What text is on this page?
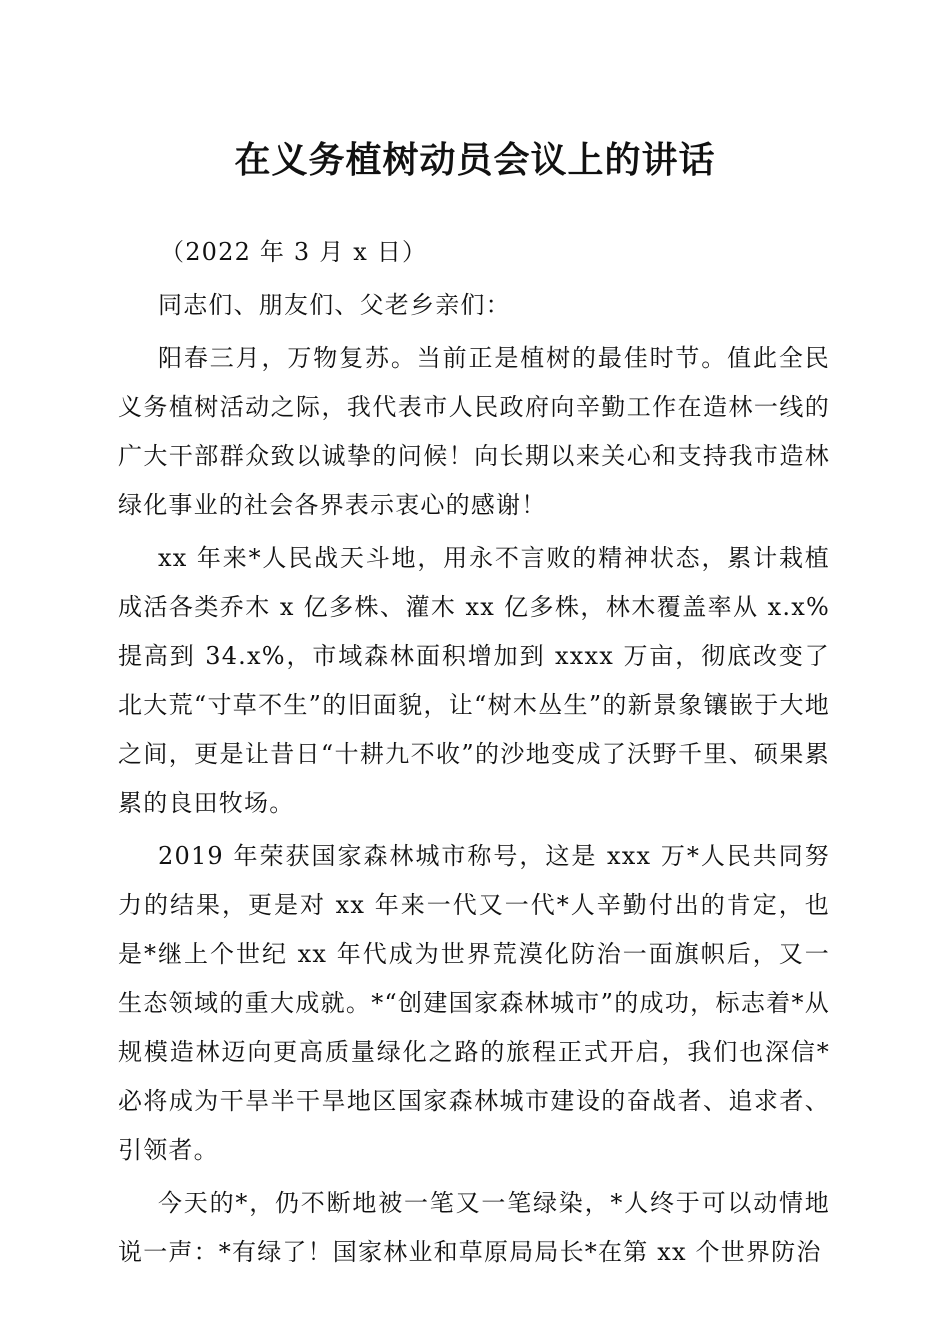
在义务植树动员会议上的讲话

（2022 年 3 月 x 日）

同志们、朋友们、父老乡亲们：

阳春三月，万物复苏。当前正是植树的最佳时节。值此全民义务植树活动之际，我代表市人民政府向辛勤工作在造林一线的广大干部群众致以诚挚的问候！向长期以来关心和支持我市造林绿化事业的社会各界表示衷心的感谢！

xx 年来*人民战天斗地，用永不言败的精神状态，累计栽植成活各类乔木 x 亿多株、灌木 xx 亿多株，林木覆盖率从 x.x%提高到 34.x%，市域森林面积增加到 xxxx 万亩，彻底改变了北大荒“寸草不生”的旧面貌，让“树木丛生”的新景象镶嵌于大地之间，更是让昔日“十耕九不收”的沙地变成了沃野千里、硕果累累的良田牧场。

2019 年荣获国家森林城市称号，这是 xxx 万*人民共同努力的结果，更是对 xx 年来一代又一代*人辛勤付出的肯定，也是*继上个世纪 xx 年代成为世界荒漠化防治一面旗帜后，又一生态领域的重大成就。*“创建国家森林城市”的成功，标志着*从规模造林迈向更高质量绿化之路的旅程正式开启，我们也深信*必将成为干旱半干旱地区国家森林城市建设的奋战者、追求者、引领者。

今天的*，仍不断地被一笔又一笔绿染，*人终于可以动情地说一声：*有绿了！国家林业和草原局局长*在第 xx 个世界防治
